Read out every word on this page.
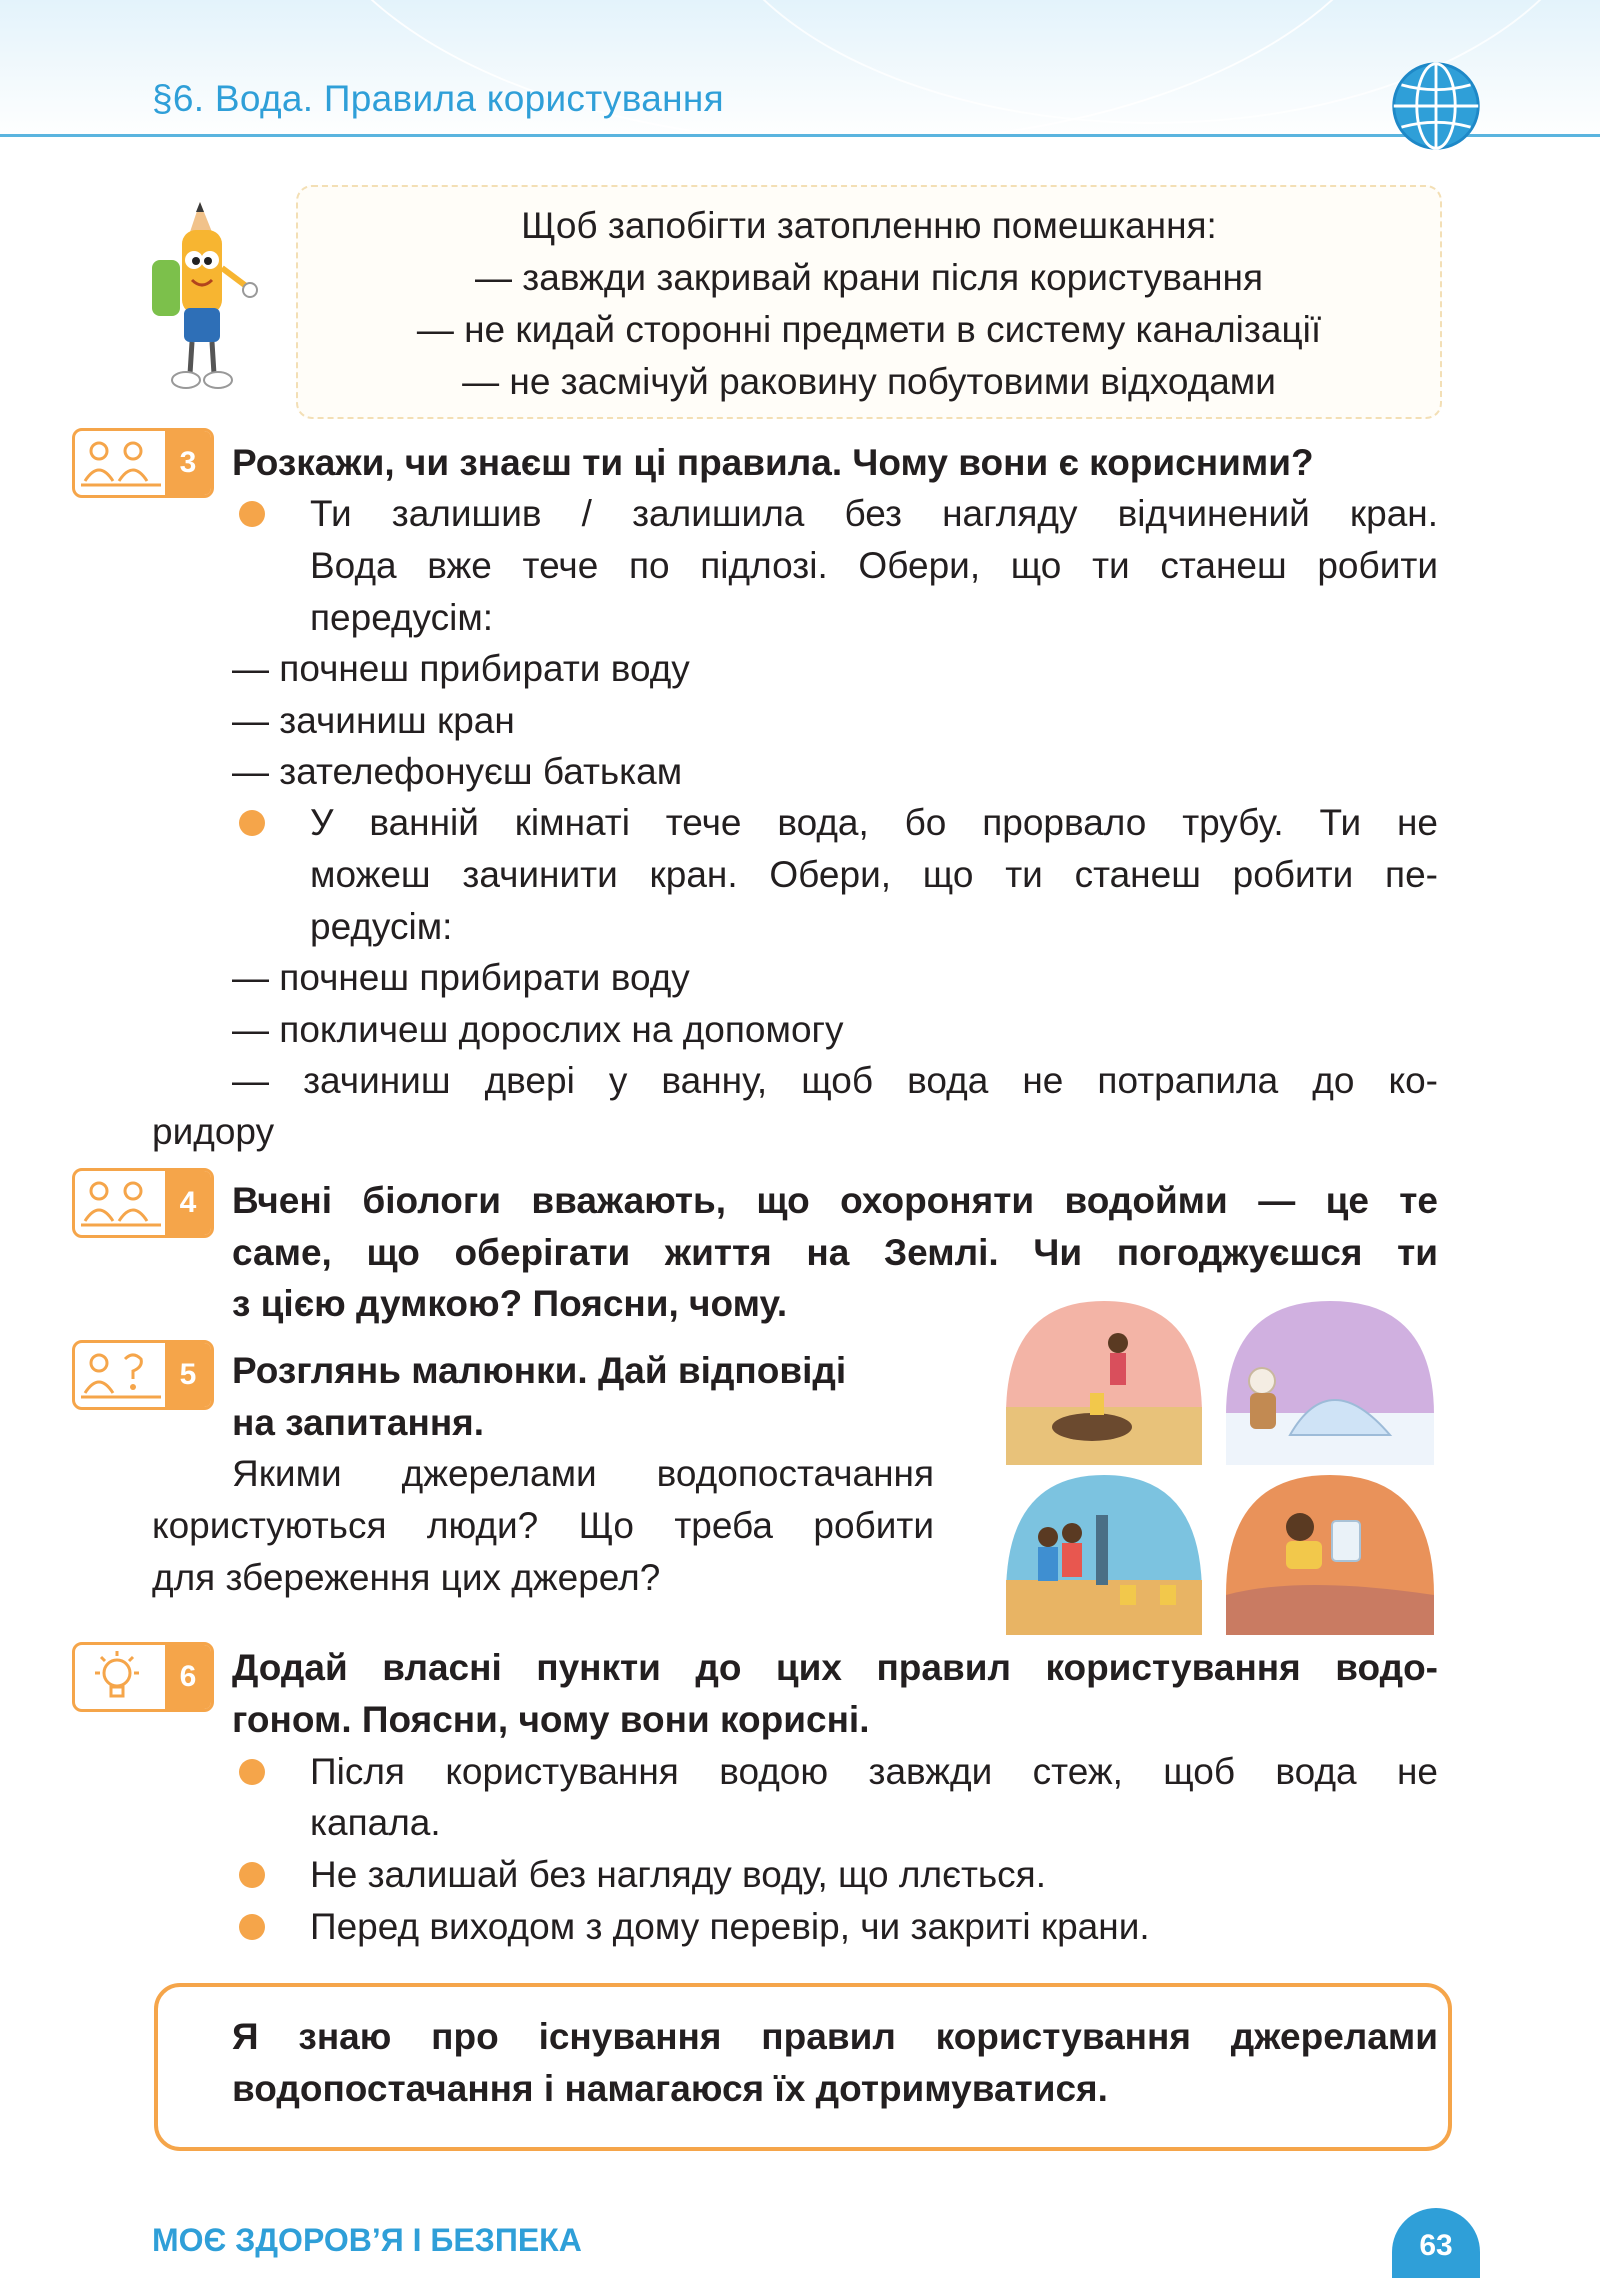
§6. Вода. Правила користування
Щоб запобігти затопленню помешкання:
— завжди закривай крани після користування
— не кидай сторонні предмети в систему каналізації
— не засмічуй раковину побутовими відходами
3 Розкажи, чи знаєш ти ці правила. Чому вони є корисними?
Ти залишив / залишила без нагляду відчинений кран.
Вода вже тече по підлозі. Обери, що ти станеш робити
передусім:
— почнеш прибирати воду
— зачиниш кран
— зателефонуєш батькам
У ванній кімнаті тече вода, бо прорвало трубу. Ти не
можеш зачинити кран. Обери, що ти станеш робити пе-
редусім:
— почнеш прибирати воду
— покличеш дорослих на допомогу
— зачиниш двері у ванну, щоб вода не потрапила до ко-
ридору
4 Вчені біологи вважають, що охороняти водойми — це те
саме, що оберігати життя на Землі. Чи погоджуєшся ти
з цією думкою? Поясни, чому.
5 Розглянь малюнки. Дай відповіді
на запитання.
Якими джерелами водопостачання
користуються люди? Що треба робити
для збереження цих джерел?
6 Додай власні пункти до цих правил користування водо-
гоном. Поясни, чому вони корисні.
Після користування водою завжди стеж, щоб вода не
капала.
Не залишай без нагляду воду, що ллється.
Перед виходом з дому перевір, чи закриті крани.
Я знаю про існування правил користування джерелами
водопостачання і намагаюся їх дотримуватися.
МОЄ ЗДОРОВ’Я І БЕЗПЕКА	63
